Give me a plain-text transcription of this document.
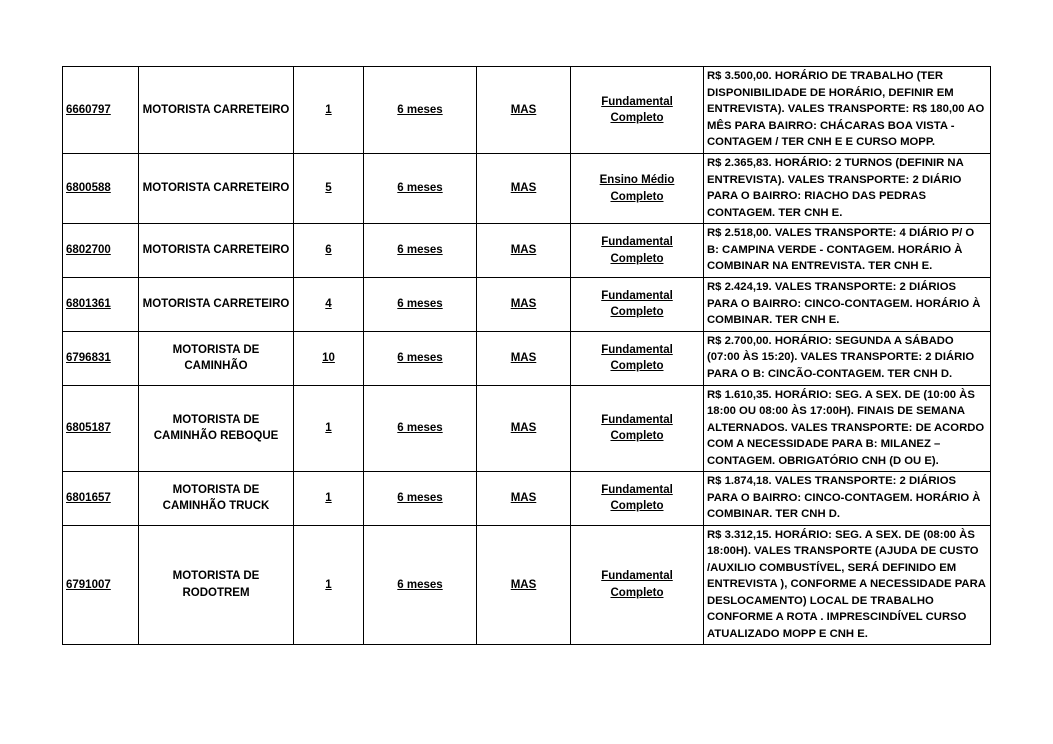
6660797	MOTORISTA CARRETEIRO	1	6 meses	MAS	Fundamental Completo	R$ 3.500,00. HORÁRIO DE TRABALHO (TER DISPONIBILIDADE DE HORÁRIO, DEFINIR EM ENTREVISTA). VALES TRANSPORTE: R$ 180,00 AO MÊS PARA BAIRRO: CHÁCARAS BOA VISTA - CONTAGEM / TER CNH E E CURSO MOPP.
6800588	MOTORISTA CARRETEIRO	5	6 meses	MAS	Ensino Médio Completo	R$ 2.365,83. HORÁRIO: 2 TURNOS (DEFINIR NA ENTREVISTA). VALES TRANSPORTE: 2 DIÁRIO PARA O BAIRRO: RIACHO DAS PEDRAS CONTAGEM. TER CNH E.
6802700	MOTORISTA CARRETEIRO	6	6 meses	MAS	Fundamental Completo	R$ 2.518,00. VALES TRANSPORTE: 4 DIÁRIO P/ O B: CAMPINA VERDE - CONTAGEM. HORÁRIO À COMBINAR NA ENTREVISTA. TER CNH E.
6801361	MOTORISTA CARRETEIRO	4	6 meses	MAS	Fundamental Completo	R$ 2.424,19. VALES TRANSPORTE: 2 DIÁRIOS PARA O BAIRRO: CINCO-CONTAGEM. HORÁRIO À COMBINAR. TER CNH E.
6796831	MOTORISTA DE CAMINHÃO	10	6 meses	MAS	Fundamental Completo	R$ 2.700,00. HORÁRIO: SEGUNDA A SÁBADO (07:00 ÀS 15:20). VALES TRANSPORTE: 2 DIÁRIO PARA O B: CINCÃO-CONTAGEM. TER CNH D.
6805187	MOTORISTA DE CAMINHÃO REBOQUE	1	6 meses	MAS	Fundamental Completo	R$ 1.610,35. HORÁRIO: SEG. A SEX. DE (10:00 ÀS 18:00 OU 08:00 ÀS 17:00H). FINAIS DE SEMANA ALTERNADOS. VALES TRANSPORTE: DE ACORDO COM A NECESSIDADE PARA B: MILANEZ – CONTAGEM. OBRIGATÓRIO CNH (D OU E).
6801657	MOTORISTA DE CAMINHÃO TRUCK	1	6 meses	MAS	Fundamental Completo	R$ 1.874,18. VALES TRANSPORTE: 2 DIÁRIOS PARA O BAIRRO: CINCO-CONTAGEM. HORÁRIO À COMBINAR. TER CNH D.
6791007	MOTORISTA DE RODOTREM	1	6 meses	MAS	Fundamental Completo	R$ 3.312,15. HORÁRIO: SEG. A SEX. DE (08:00 ÀS 18:00H). VALES TRANSPORTE (AJUDA DE CUSTO /AUXILIO COMBUSTÍVEL, SERÁ DEFINIDO EM ENTREVISTA ), CONFORME A NECESSIDADE PARA DESLOCAMENTO) LOCAL DE TRABALHO CONFORME A ROTA . IMPRESCINDÍVEL CURSO ATUALIZADO MOPP E CNH E.
